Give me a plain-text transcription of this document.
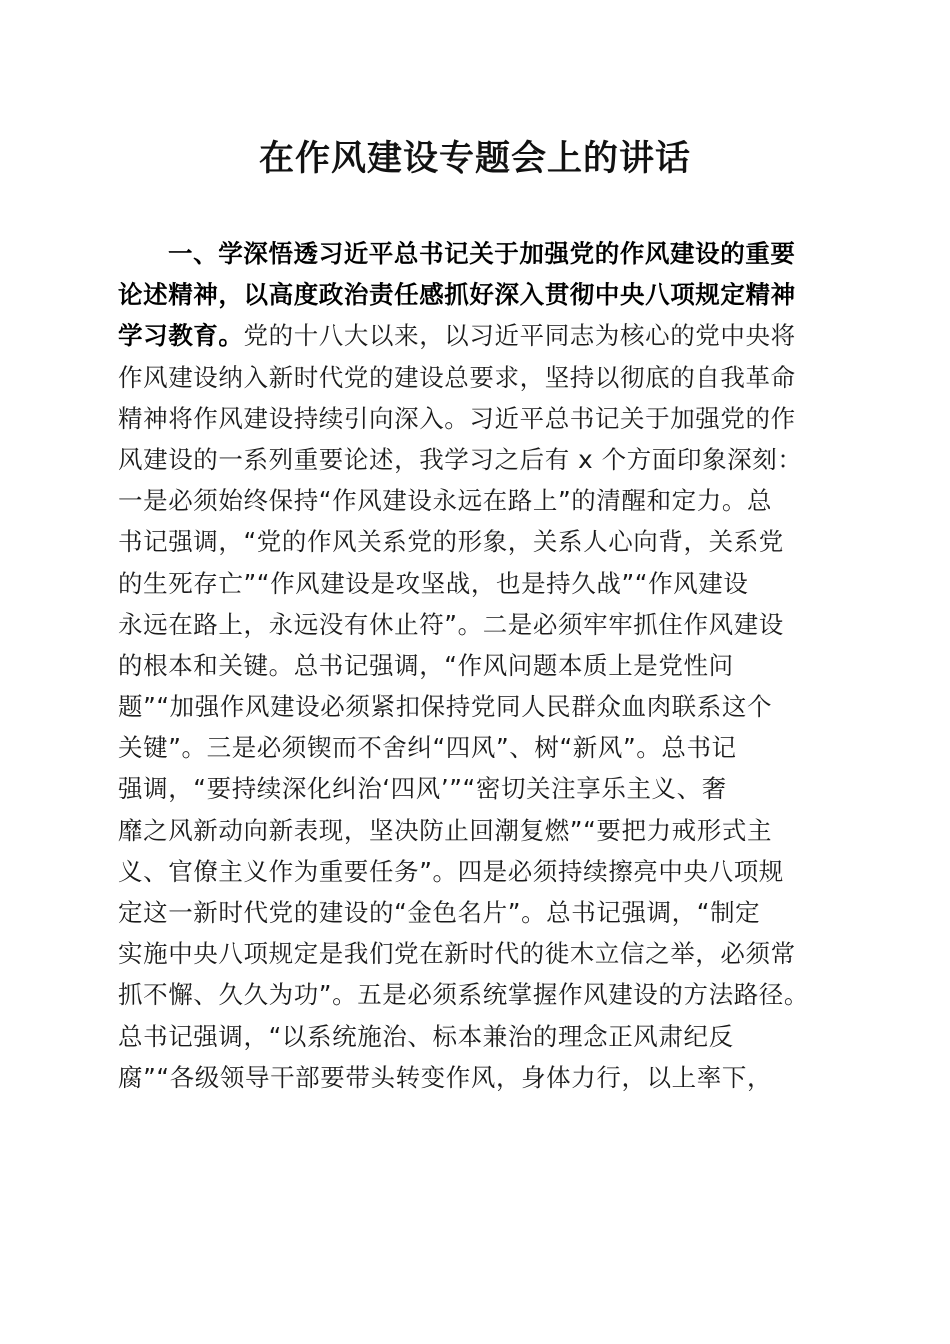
在作风建设专题会上的讲话
一、学深悟透习近平总书记关于加强党的作风建设的重要
论述精神，以高度政治责任感抓好深入贯彻中央八项规定精神
学习教育。党的十八大以来，以习近平同志为核心的党中央将
作风建设纳入新时代党的建设总要求，坚持以彻底的自我革命
精神将作风建设持续引向深入。习近平总书记关于加强党的作
风建设的一系列重要论述，我学习之后有 x 个方面印象深刻：
一是必须始终保持“作风建设永远在路上”的清醒和定力。总
书记强调，“党的作风关系党的形象，关系人心向背，关系党
的生死存亡”“作风建设是攻坚战，也是持久战”“作风建设
永远在路上，永远没有休止符”。二是必须牢牢抓住作风建设
的根本和关键。总书记强调，“作风问题本质上是党性问
题”“加强作风建设必须紧扣保持党同人民群众血肉联系这个
关键”。三是必须锲而不舍纠“四风”、树“新风”。总书记
强调，“要持续深化纠治‘四风’”“密切关注享乐主义、奢
靡之风新动向新表现，坚决防止回潮复燃”“要把力戒形式主
义、官僚主义作为重要任务”。四是必须持续擦亮中央八项规
定这一新时代党的建设的“金色名片”。总书记强调，“制定
实施中央八项规定是我们党在新时代的徙木立信之举，必须常
抓不懈、久久为功”。五是必须系统掌握作风建设的方法路径。
总书记强调，“以系统施治、标本兼治的理念正风肃纪反
腐”“各级领导干部要带头转变作风，身体力行，以上率下，
